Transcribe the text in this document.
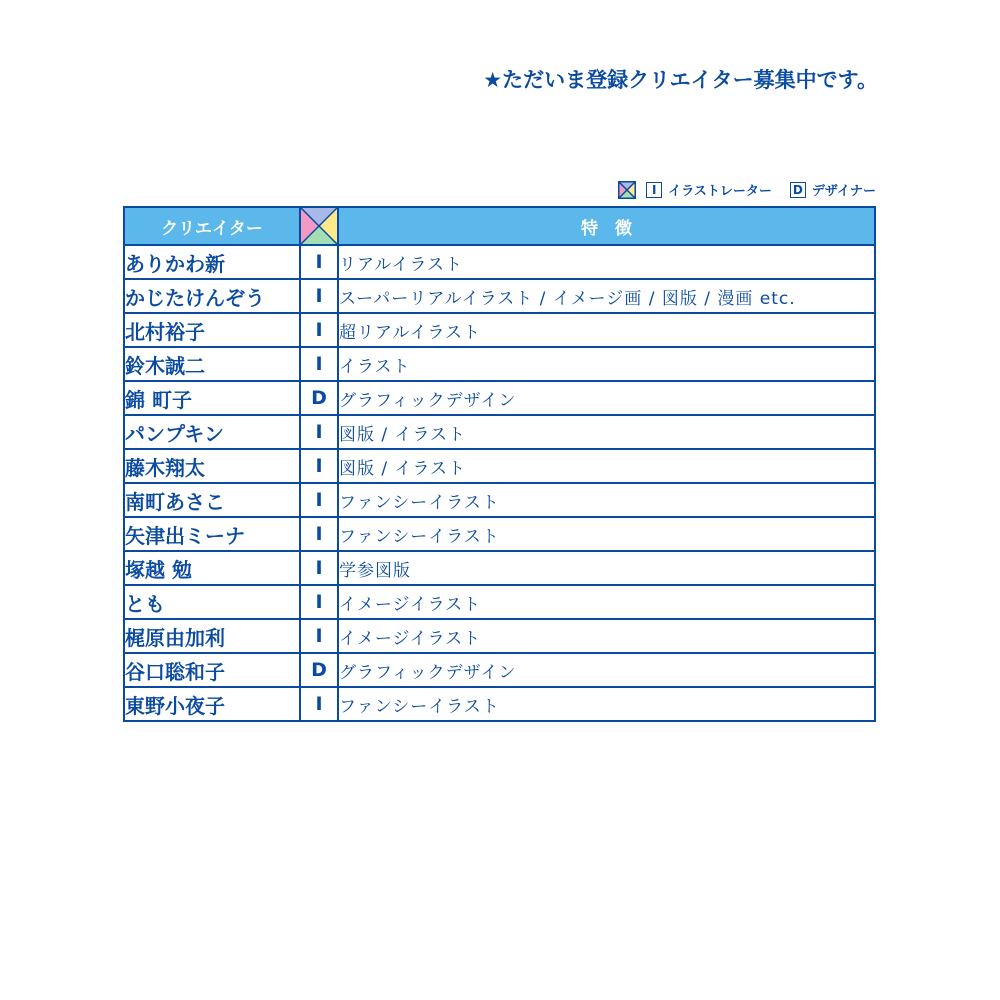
★ただいま登録クリエイター募集中です。
I イラストレーター D デザイナー
クリエイター		特　徴
ありかわ新	I	リアルイラスト
かじたけんぞう	I	スーパーリアルイラスト / イメージ画 / 図版 / 漫画 etc.
北村裕子	I	超リアルイラスト
鈴木誠二	I	イラスト
錦 町子	D	グラフィックデザイン
パンプキン	I	図版 / イラスト
藤木翔太	I	図版 / イラスト
南町あさこ	I	ファンシーイラスト
矢津出ミーナ	I	ファンシーイラスト
塚越 勉	I	学参図版
とも	I	イメージイラスト
梶原由加利	I	イメージイラスト
谷口聡和子	D	グラフィックデザイン
東野小夜子	I	ファンシーイラスト
